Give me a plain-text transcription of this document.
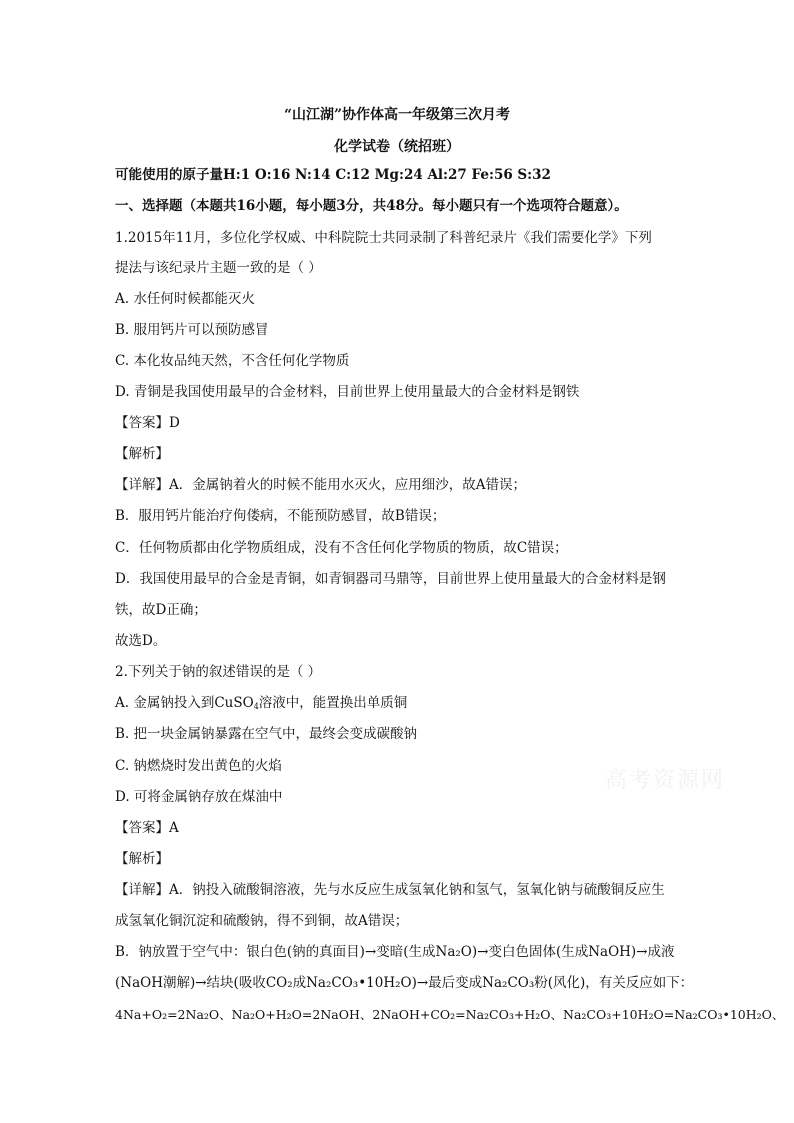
“山江湖”协作体高一年级第三次月考
化学试卷（统招班）
可能使用的原子量H:1 O:16 N:14 C:12 Mg:24 Al:27 Fe:56 S:32
一、选择题（本题共16小题，每小题3分，共48分。每小题只有一个选项符合题意）。
1.2015年11月，多位化学权威、中科院院士共同录制了科普纪录片《我们需要化学》下列
提法与该纪录片主题一致的是（ ）
A. 水任何时候都能灭火
B. 服用钙片可以预防感冒
C. 本化妆品纯天然，不含任何化学物质
D. 青铜是我国使用最早的合金材料，目前世界上使用量最大的合金材料是钢铁
【答案】D
【解析】
【详解】A．金属钠着火的时候不能用水灭火，应用细沙，故A错误；
B．服用钙片能治疗佝偻病，不能预防感冒，故B错误；
C．任何物质都由化学物质组成，没有不含任何化学物质的物质，故C错误；
D．我国使用最早的合金是青铜，如青铜器司马鼎等，目前世界上使用量最大的合金材料是钢
铁，故D正确；
故选D。
2.下列关于钠的叙述错误的是（ ）
A. 金属钠投入到CuSO$_4$溶液中，能置换出单质铜
B. 把一块金属钠暴露在空气中，最终会变成碳酸钠
C. 钠燃烧时发出黄色的火焰
D. 可将金属钠存放在煤油中
【答案】A
【解析】
【详解】A．钠投入硫酸铜溶液，先与水反应生成氢氧化钠和氢气，氢氧化钠与硫酸铜反应生
成氢氧化铜沉淀和硫酸钠，得不到铜，故A错误；
B．钠放置于空气中：银白色(钠的真面目)→变暗(生成Na₂O)→变白色固体(生成NaOH)→成液
(NaOH潮解)→结块(吸收CO₂成Na₂CO₃•10H₂O)→最后变成Na₂CO₃粉(风化)，有关反应如下：
4Na+O₂=2Na₂O、Na₂O+H₂O=2NaOH、2NaOH+CO₂=Na₂CO₃+H₂O、Na₂CO₃+10H₂O=Na₂CO₃•10H₂O、
高考资源网
